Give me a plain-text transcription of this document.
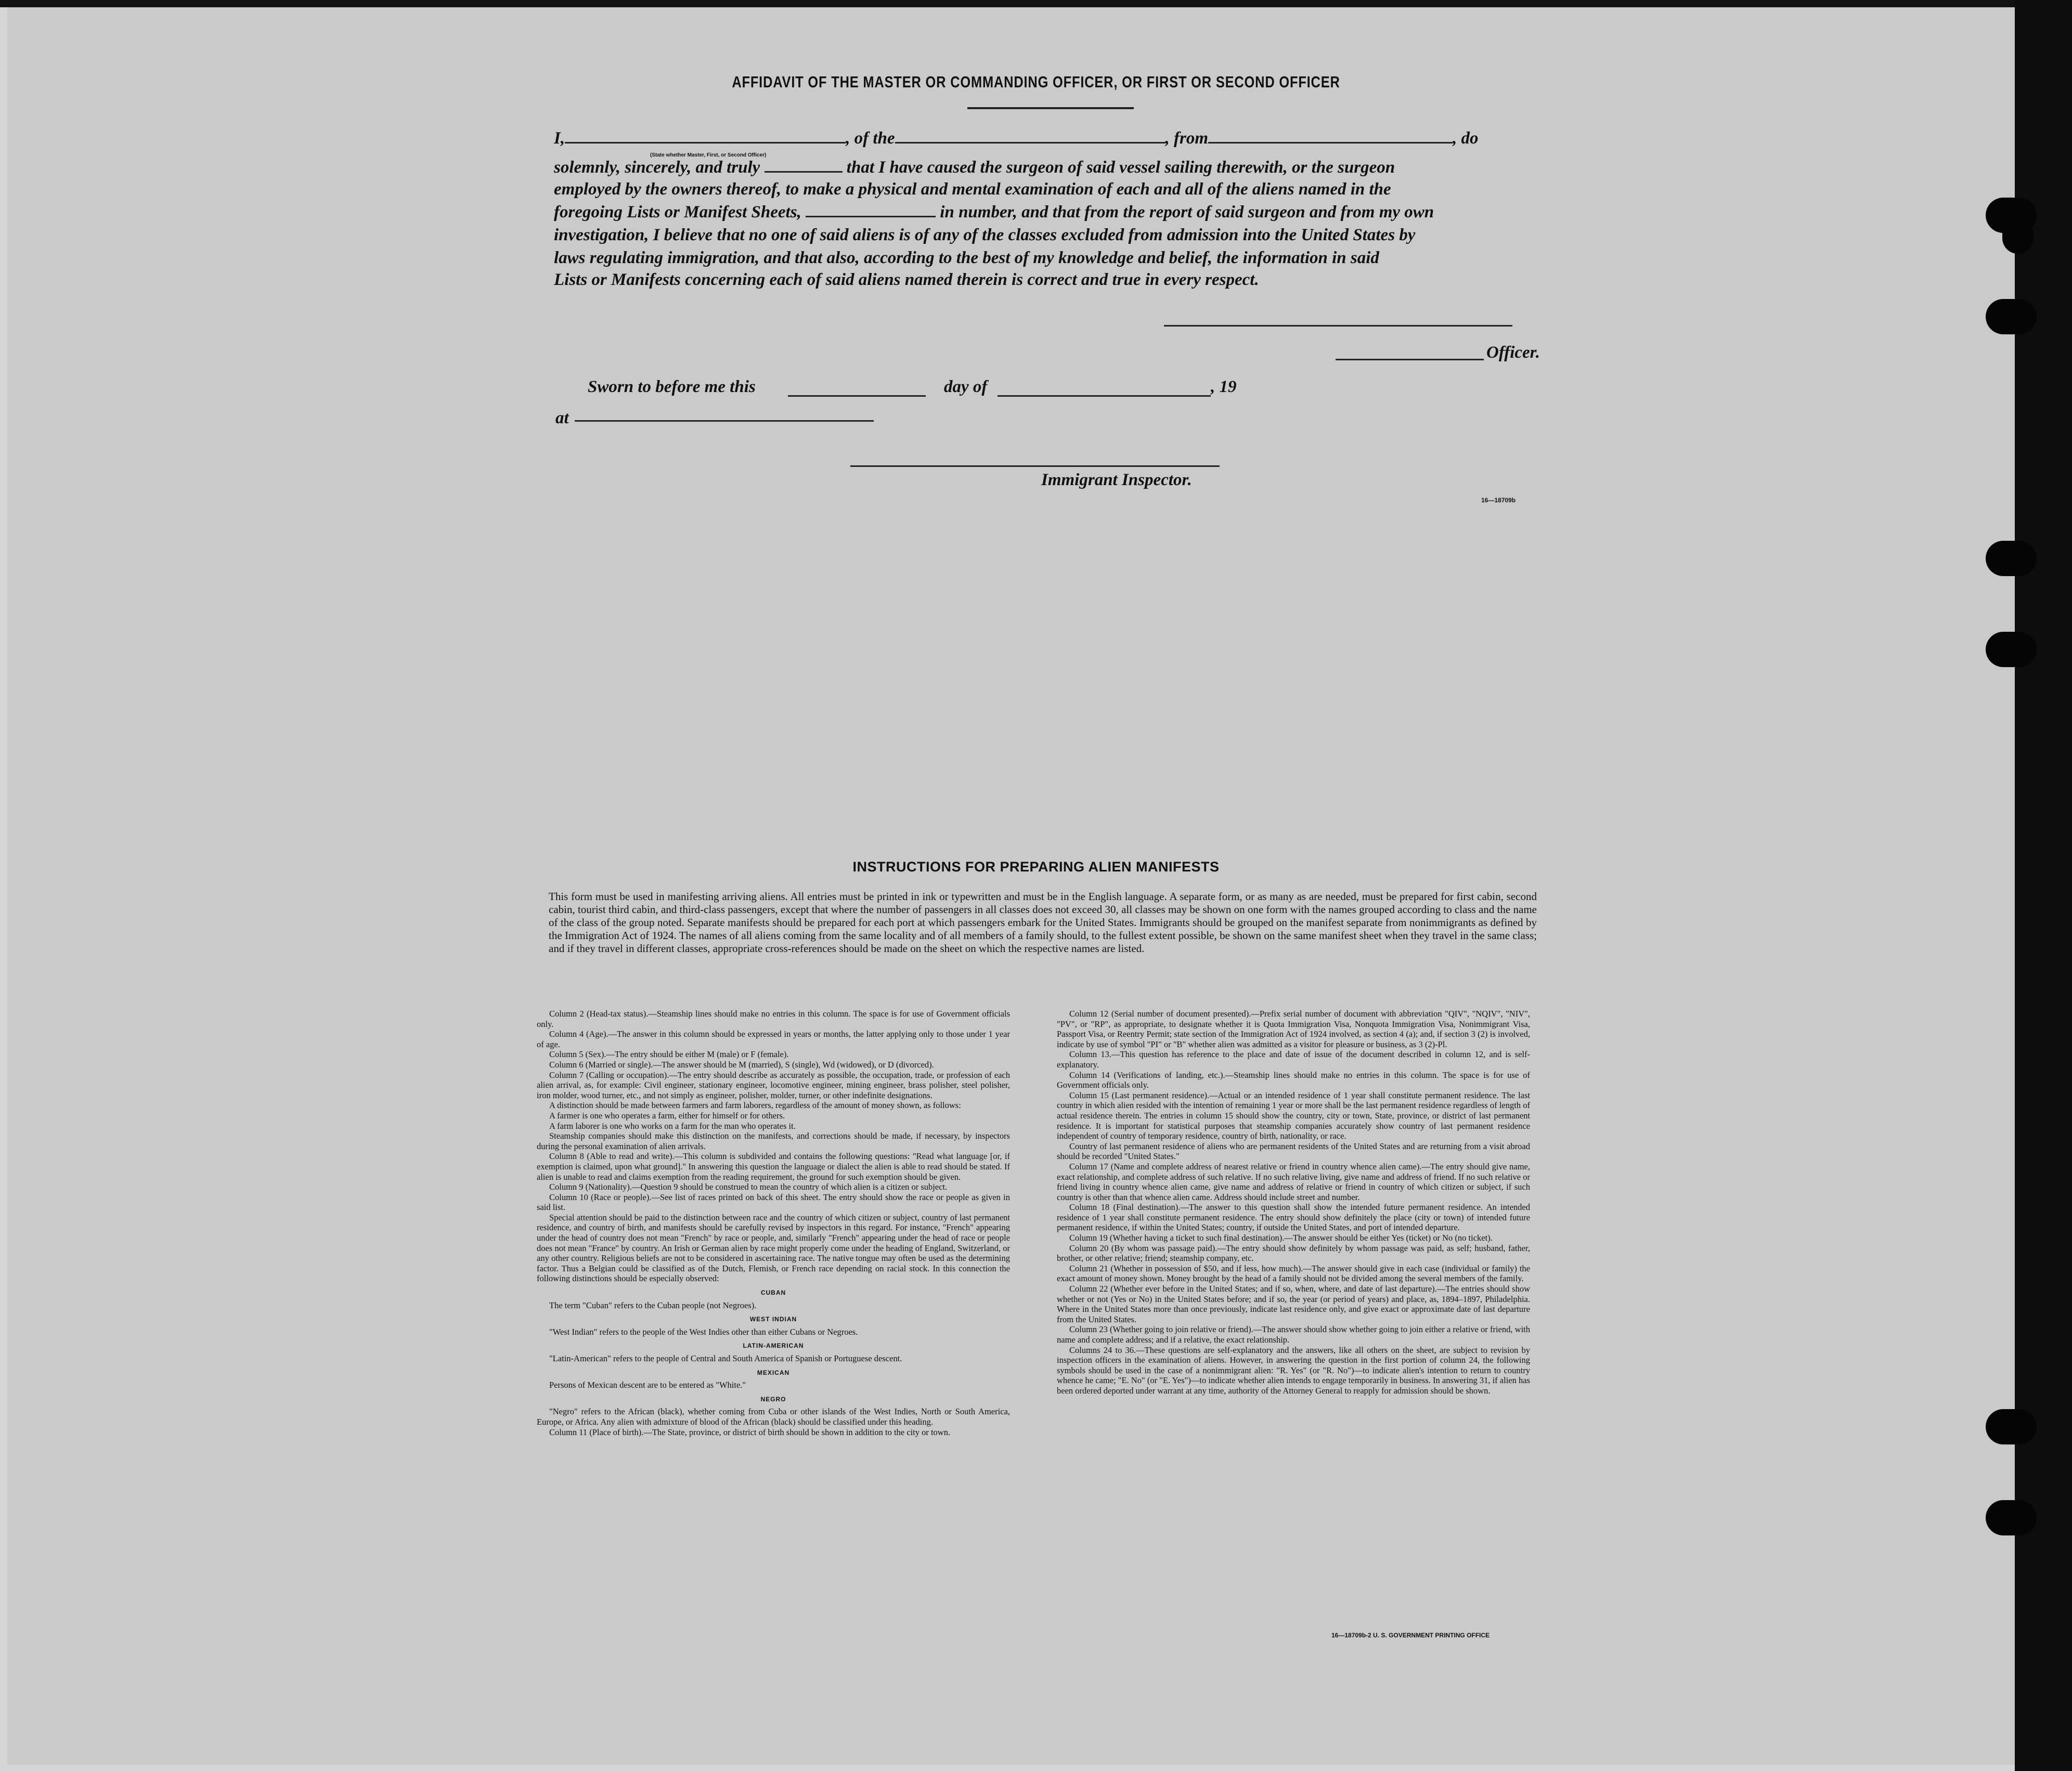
AFFIDAVIT OF THE MASTER OR COMMANDING OFFICER, OR FIRST OR SECOND OFFICER
I,	, of the	, from	, do
(State whether Master, First, or Second Officer)
solemnly, sincerely, and truly	that I have caused the surgeon of said vessel sailing therewith, or the surgeon
employed by the owners thereof, to make a physical and mental examination of each and all of the aliens named in the
foregoing Lists or Manifest Sheets,	in number, and that from the report of said surgeon and from my own
investigation, I believe that no one of said aliens is of any of the classes excluded from admission into the United States by
laws regulating immigration, and that also, according to the best of my knowledge and belief, the information in said
Lists or Manifests concerning each of said aliens named therein is correct and true in every respect.
Officer.
Sworn to before me this	day of	, 19
at
Immigrant Inspector.
16—18709b
INSTRUCTIONS FOR PREPARING ALIEN MANIFESTS
This form must be used in manifesting arriving aliens. All entries must be printed in ink or typewritten and must be in the English language. A separate form, or as many as are needed, must be prepared for first cabin, second cabin, tourist third cabin, and third-class passengers, except that where the number of passengers in all classes does not exceed 30, all classes may be shown on one form with the names grouped according to class and the name of the class of the group noted. Separate manifests should be prepared for each port at which passengers embark for the United States. Immigrants should be grouped on the manifest separate from nonimmigrants as defined by the Immigration Act of 1924. The names of all aliens coming from the same locality and of all members of a family should, to the fullest extent possible, be shown on the same manifest sheet when they travel in the same class; and if they travel in different classes, appropriate cross-references should be made on the sheet on which the respective names are listed.

Column 2 (Head-tax status).—Steamship lines should make no entries in this column. The space is for use of Government officials only.

Column 4 (Age).—The answer in this column should be expressed in years or months, the latter applying only to those under 1 year of age.

Column 5 (Sex).—The entry should be either M (male) or F (female).

Column 6 (Married or single).—The answer should be M (married), S (single), Wd (widowed), or D (divorced).

Column 7 (Calling or occupation).—The entry should describe as accurately as possible, the occupation, trade, or profession of each alien arrival, as, for example: Civil engineer, stationary engineer, locomotive engineer, mining engineer, brass polisher, steel polisher, iron molder, wood turner, etc., and not simply as engineer, polisher, molder, turner, or other indefinite designations.

A distinction should be made between farmers and farm laborers, regardless of the amount of money shown, as follows:

A farmer is one who operates a farm, either for himself or for others.

A farm laborer is one who works on a farm for the man who operates it.

Steamship companies should make this distinction on the manifests, and corrections should be made, if necessary, by inspectors during the personal examination of alien arrivals.

Column 8 (Able to read and write).—This column is subdivided and contains the following questions: "Read what language [or, if exemption is claimed, upon what ground]." In answering this question the language or dialect the alien is able to read should be stated. If alien is unable to read and claims exemption from the reading requirement, the ground for such exemption should be given.

Column 9 (Nationality).—Question 9 should be construed to mean the country of which alien is a citizen or subject.

Column 10 (Race or people).—See list of races printed on back of this sheet. The entry should show the race or people as given in said list.

Special attention should be paid to the distinction between race and the country of which citizen or subject, country of last permanent residence, and country of birth, and manifests should be carefully revised by inspectors in this regard. For instance, "French" appearing under the head of country does not mean "French" by race or people, and, similarly "French" appearing under the head of race or people does not mean "France" by country. An Irish or German alien by race might properly come under the heading of England, Switzerland, or any other country. Religious beliefs are not to be considered in ascertaining race. The native tongue may often be used as the determining factor. Thus a Belgian could be classified as of the Dutch, Flemish, or French race depending on racial stock. In this connection the following distinctions should be especially observed:

CUBAN

The term "Cuban" refers to the Cuban people (not Negroes).

WEST INDIAN

"West Indian" refers to the people of the West Indies other than either Cubans or Negroes.

LATIN-AMERICAN

"Latin-American" refers to the people of Central and South America of Spanish or Portuguese descent.

MEXICAN

Persons of Mexican descent are to be entered as "White."

NEGRO

"Negro" refers to the African (black), whether coming from Cuba or other islands of the West Indies, North or South America, Europe, or Africa. Any alien with admixture of blood of the African (black) should be classified under this heading.

Column 11 (Place of birth).—The State, province, or district of birth should be shown in addition to the city or town.

Column 12 (Serial number of document presented).—Prefix serial number of document with abbreviation "QIV", "NQIV", "NIV", "PV", or "RP", as appropriate, to designate whether it is Quota Immigration Visa, Nonquota Immigration Visa, Nonimmigrant Visa, Passport Visa, or Reentry Permit; state section of the Immigration Act of 1924 involved, as section 4 (a); and, if section 3 (2) is involved, indicate by use of symbol "PI" or "B" whether alien was admitted as a visitor for pleasure or business, as 3 (2)-Pl.

Column 13.—This question has reference to the place and date of issue of the document described in column 12, and is self-explanatory.

Column 14 (Verifications of landing, etc.).—Steamship lines should make no entries in this column. The space is for use of Government officials only.

Column 15 (Last permanent residence).—Actual or an intended residence of 1 year shall constitute permanent residence. The last country in which alien resided with the intention of remaining 1 year or more shall be the last permanent residence regardless of length of actual residence therein. The entries in column 15 should show the country, city or town, State, province, or district of last permanent residence. It is important for statistical purposes that steamship companies accurately show country of last permanent residence independent of country of temporary residence, country of birth, nationality, or race.

Country of last permanent residence of aliens who are permanent residents of the United States and are returning from a visit abroad should be recorded "United States."

Column 17 (Name and complete address of nearest relative or friend in country whence alien came).—The entry should give name, exact relationship, and complete address of such relative. If no such relative living, give name and address of friend. If no such relative or friend living in country whence alien came, give name and address of relative or friend in country of which citizen or subject, if such country is other than that whence alien came. Address should include street and number.

Column 18 (Final destination).—The answer to this question shall show the intended future permanent residence. An intended residence of 1 year shall constitute permanent residence. The entry should show definitely the place (city or town) of intended future permanent residence, if within the United States; country, if outside the United States, and port of intended departure.

Column 19 (Whether having a ticket to such final destination).—The answer should be either Yes (ticket) or No (no ticket).

Column 20 (By whom was passage paid).—The entry should show definitely by whom passage was paid, as self; husband, father, brother, or other relative; friend; steamship company, etc.

Column 21 (Whether in possession of $50, and if less, how much).—The answer should give in each case (individual or family) the exact amount of money shown. Money brought by the head of a family should not be divided among the several members of the family.

Column 22 (Whether ever before in the United States; and if so, when, where, and date of last departure).—The entries should show whether or not (Yes or No) in the United States before; and if so, the year (or period of years) and place, as, 1894–1897, Philadelphia. Where in the United States more than once previously, indicate last residence only, and give exact or approximate date of last departure from the United States.

Column 23 (Whether going to join relative or friend).—The answer should show whether going to join either a relative or friend, with name and complete address; and if a relative, the exact relationship.

Columns 24 to 36.—These questions are self-explanatory and the answers, like all others on the sheet, are subject to revision by inspection officers in the examination of aliens. However, in answering the question in the first portion of column 24, the following symbols should be used in the case of a nonimmigrant alien: "R. Yes" (or "R. No")—to indicate alien's intention to return to country whence he came; "E. No" (or "E. Yes")—to indicate whether alien intends to engage temporarily in business. In answering 31, if alien has been ordered deported under warrant at any time, authority of the Attorney General to reapply for admission should be shown.

16—18709b-2 U. S. GOVERNMENT PRINTING OFFICE
